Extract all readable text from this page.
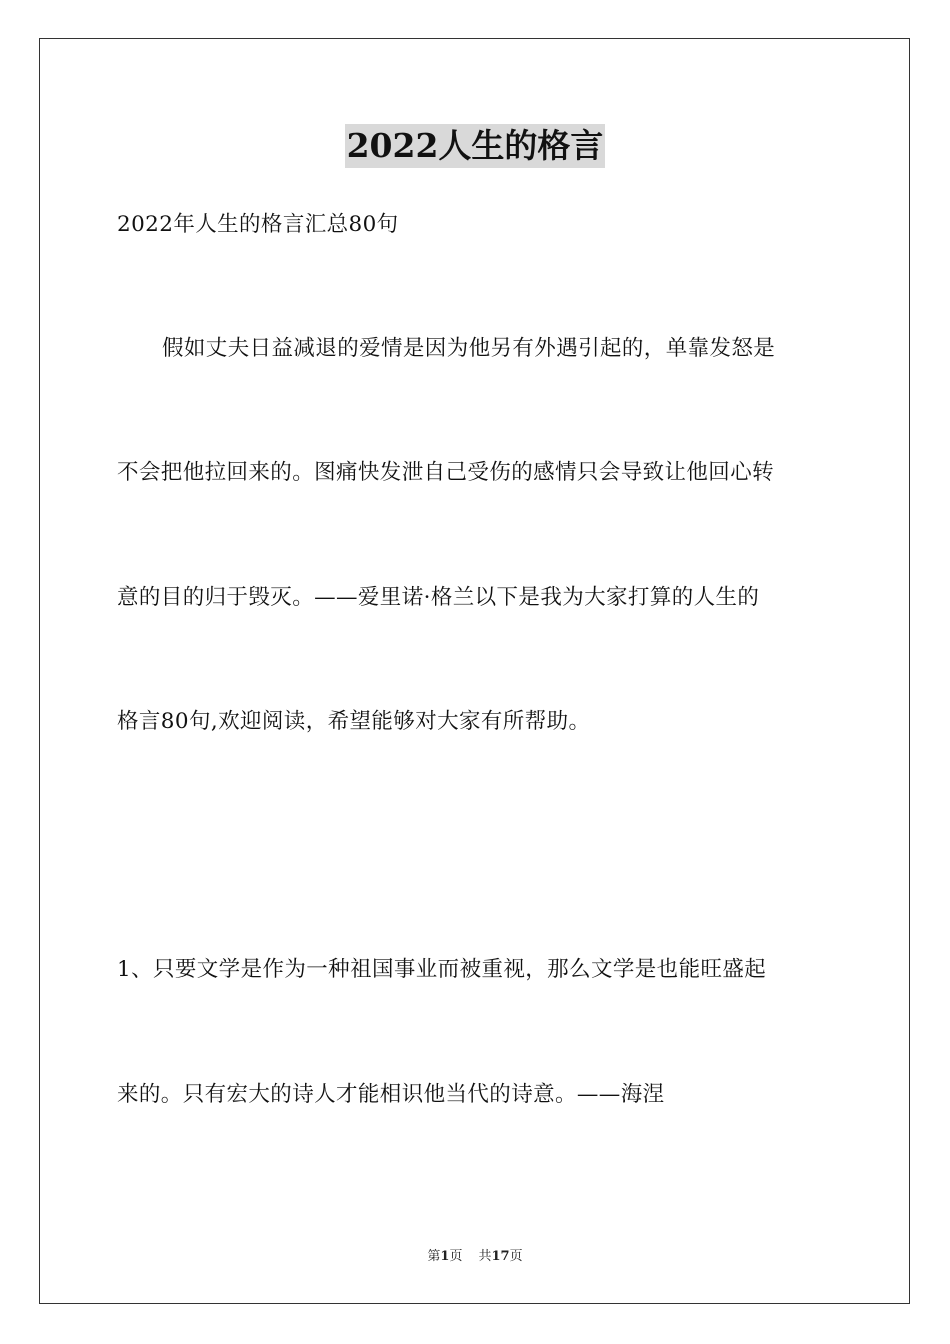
2022人生的格言
2022年人生的格言汇总80句
假如丈夫日益减退的爱情是因为他另有外遇引起的，单靠发怒是
不会把他拉回来的。图痛快发泄自己受伤的感情只会导致让他回心转
意的目的归于毁灭。——爱里诺·格兰以下是我为大家打算的人生的
格言80句,欢迎阅读，希望能够对大家有所帮助。
1、只要文学是作为一种祖国事业而被重视，那么文学是也能旺盛起
来的。只有宏大的诗人才能相识他当代的诗意。——海涅
第1页 共17页
